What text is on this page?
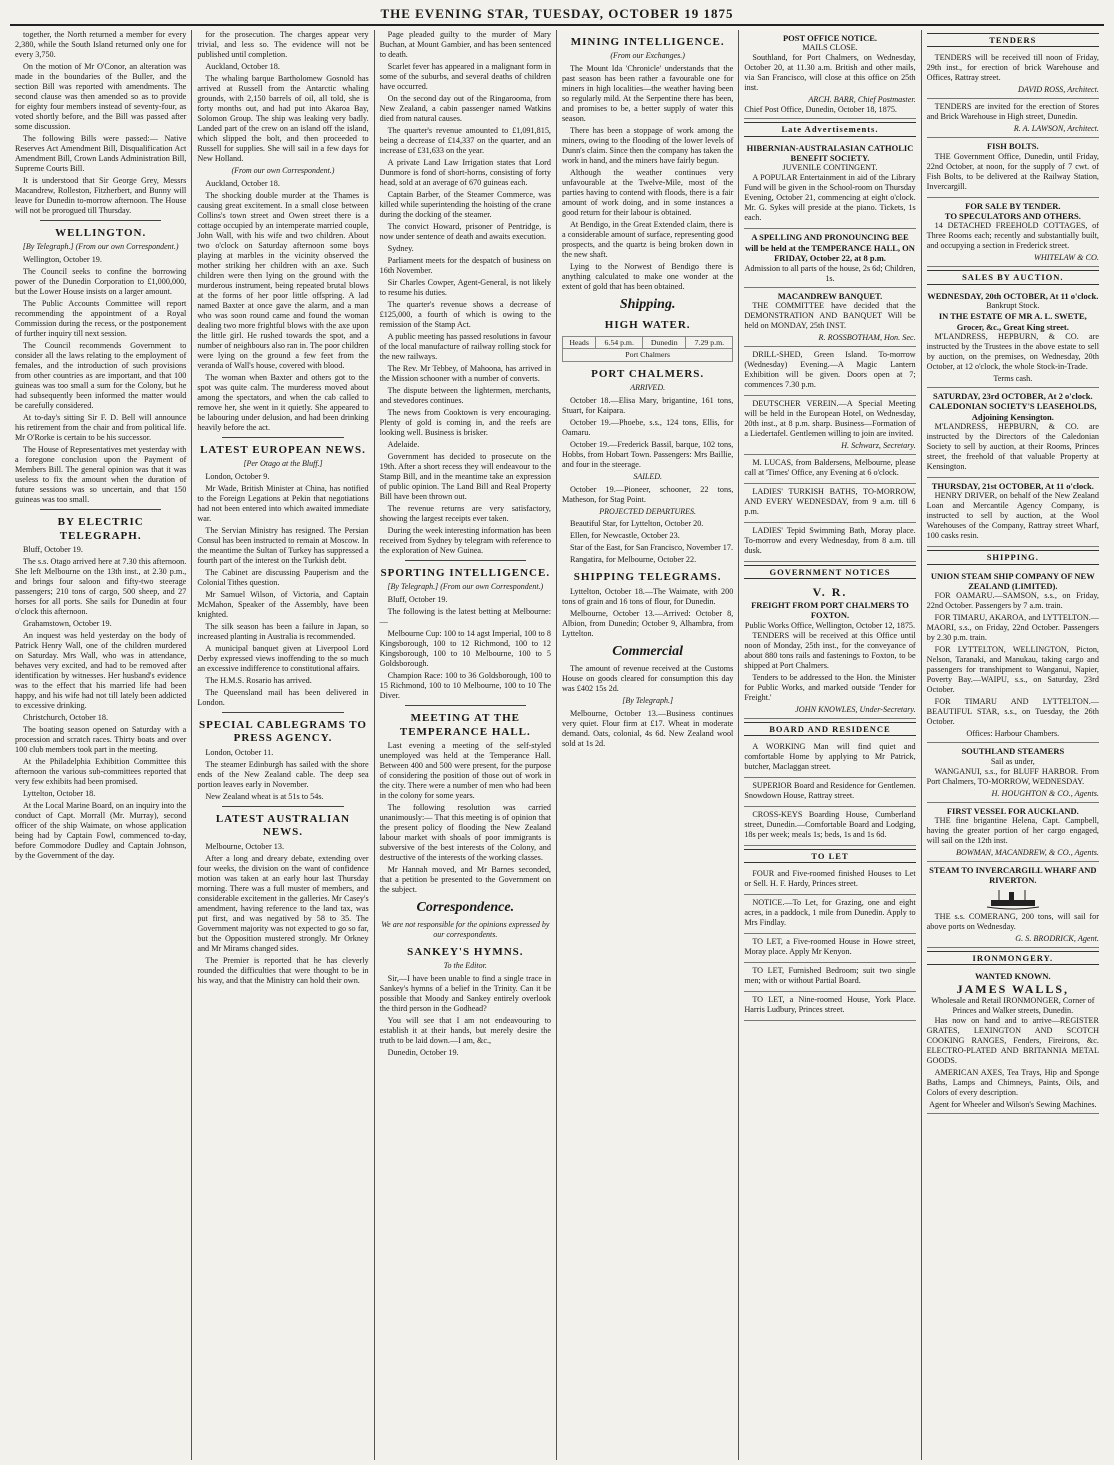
THE EVENING STAR, TUESDAY, OCTOBER 19 1875

together, the North returned a member for every 2,380, while the South Island returned only one for every 3,750.

On the motion of Mr O'Conor, an alteration was made in the boundaries of the Buller, and the section Bill was reported with amendments. The second clause was then amended so as to provide for eighty four members instead of seventy-four, as voted shortly before, and the Bill was passed after some discussion.

The following Bills were passed:— Native Reserves Act Amendment Bill, Disqualification Act Amendment Bill, Crown Lands Administration Bill, Supreme Courts Bill.

It is understood that Sir George Grey, Messrs Macandrew, Rolleston, Fitzherbert, and Bunny will leave for Dunedin to-morrow afternoon. The House will not be prorogued till Thursday.

WELLINGTON.
[By Telegraph.] (From our own Correspondent.)

Wellington, October 19.

The Council seeks to confine the borrowing power of the Dunedin Corporation to £1,000,000, but the Lower House insists on a larger amount.

The Public Accounts Committee will report recommending the appointment of a Royal Commission during the recess, or the postponement of further inquiry till next session.

The Council recommends Government to consider all the laws relating to the employment of females, and the introduction of such provisions from other countries as are important, and that 100 guineas was too small a sum for the Colony, but he had subsequently been informed the matter would be carefully considered.

At to-day's sitting Sir F. D. Bell will announce his retirement from the chair and from political life. Mr O'Rorke is certain to be his successor.

The House of Representatives met yesterday with a foregone conclusion upon the Payment of Members Bill. The general opinion was that it was useless to fix the amount when the duration of future sessions was so uncertain, and that 150 guineas was too small.

BY ELECTRIC TELEGRAPH.

Bluff, October 19.

The s.s. Otago arrived here at 7.30 this afternoon. She left Melbourne on the 13th inst., at 2.30 p.m., and brings four saloon and fifty-two steerage passengers; 210 tons of cargo, 500 sheep, and 27 horses for all ports. She sails for Dunedin at four o'clock this afternoon.

Grahamstown, October 19.

An inquest was held yesterday on the body of Patrick Henry Wall, one of the children murdered on Saturday. Mrs Wall, who was in attendance, behaves very excited, and had to be removed after identification by witnesses. Her husband's evidence was to the effect that his married life had been happy, and his wife had not till lately been addicted to excessive drinking.

Christchurch, October 18.

The boating season opened on Saturday with a procession and scratch races. Thirty boats and over 100 club members took part in the meeting.

At the Philadelphia Exhibition Committee this afternoon the various sub-committees reported that very few exhibits had been promised.

Lyttelton, October 18.

At the Local Marine Board, on an inquiry into the conduct of Capt. Morrall (Mr. Murray), second officer of the ship Waimate, on whose application being had by Captain Fowl, commenced to-day, before Commodore Dudley and Captain Johnson, by the Government of the day.

for the prosecution. The charges appear very trivial, and less so. The evidence will not be published until completion.

Auckland, October 18.

The whaling barque Bartholomew Gosnold has arrived at Russell from the Antarctic whaling grounds, with 2,150 barrels of oil, all told, she is forty months out, and had put into Akaroa Bay, Solomon Group. The ship was leaking very badly. Landed part of the crew on an island off the island, which slipped the bolt, and then proceeded to Russell for supplies. She will sail in a few days for New Holland.

(From our own Correspondent.)

Auckland, October 18.

The shocking double murder at the Thames is causing great excitement. In a small close between Collins's town street and Owen street there is a cottage occupied by an intemperate married couple, John Wall, with his wife and two children. About two o'clock on Saturday afternoon some boys playing at marbles in the vicinity observed the mother striking her children with an axe. Such children were then lying on the ground with the murderous instrument, being repeated brutal blows at the forms of her poor little offspring. A lad named Baxter at once gave the alarm, and a man who was soon round came and found the woman dealing two more frightful blows with the axe upon the little girl. He rushed towards the spot, and a number of neighbours also ran in. The poor children were lying on the ground a few feet from the veranda of Wall's house, covered with blood.

The woman when Baxter and others got to the spot was quite calm. The murderess moved about among the spectators, and when the cab called to remove her, she went in it quietly. She appeared to be labouring under delusion, and had been drinking heavily before the act.

LATEST EUROPEAN NEWS.
[Per Otago at the Bluff.]

London, October 9.

Mr Wade, British Minister at China, has notified to the Foreign Legations at Pekin that negotiations had not been entered into which awaited immediate war.

The Servian Ministry has resigned. The Persian Consul has been instructed to remain at Moscow. In the meantime the Sultan of Turkey has suppressed a fourth part of the interest on the Turkish debt.

The Cabinet are discussing Pauperism and the Colonial Tithes question.

Mr Samuel Wilson, of Victoria, and Captain McMahon, Speaker of the Assembly, have been knighted.

The silk season has been a failure in Japan, so increased planting in Australia is recommended.

A municipal banquet given at Liverpool Lord Derby expressed views inoffending to the so much an excessive indifference to constitutional affairs.

The H.M.S. Rosario has arrived.

The Queensland mail has been delivered in London.

SPECIAL CABLEGRAMS TO PRESS AGENCY.

London, October 11.

The steamer Edinburgh has sailed with the shore ends of the New Zealand cable. The deep sea portion leaves early in November.

New Zealand wheat is at 51s to 54s.

LATEST AUSTRALIAN NEWS.

Melbourne, October 13.

After a long and dreary debate, extending over four weeks, the division on the want of confidence motion was taken at an early hour last Thursday morning. There was a full muster of members, and considerable excitement in the galleries. Mr Casey's amendment, having reference to the land tax, was put first, and was negatived by 58 to 35. The Government majority was not expected to go so far, but the Opposition mustered strongly. Mr Orkney and Mr Mirams changed sides.

The Premier is reported that he has cleverly rounded the difficulties that were thought to be in his way, and that the Ministry can hold their own.

Page pleaded guilty to the murder of Mary Buchan, at Mount Gambier, and has been sentenced to death.

Scarlet fever has appeared in a malignant form in some of the suburbs, and several deaths of children have occurred.

On the second day out of the Ringarooma, from New Zealand, a cabin passenger named Watkins died from natural causes.

The quarter's revenue amounted to £1,091,815, being a decrease of £14,337 on the quarter, and an increase of £31,633 on the year.

A private Land Law Irrigation states that Lord Dunmore is fond of short-horns, consisting of forty head, sold at an average of 670 guineas each.

Captain Barber, of the Steamer Commerce, was killed while superintending the hoisting of the crane during the docking of the steamer.

The convict Howard, prisoner of Pentridge, is now under sentence of death and awaits execution.

Sydney.

Parliament meets for the despatch of business on 16th November.

Sir Charles Cowper, Agent-General, is not likely to resume his duties.

The quarter's revenue shows a decrease of £125,000, a fourth of which is owing to the remission of the Stamp Act.

A public meeting has passed resolutions in favour of the local manufacture of railway rolling stock for the new railways.

The Rev. Mr Tebbey, of Mahoona, has arrived in the Mission schooner with a number of converts.

The dispute between the lightermen, merchants, and stevedores continues.

The news from Cooktown is very encouraging. Plenty of gold is coming in, and the reefs are looking well. Business is brisker.

Adelaide.

Government has decided to prosecute on the 19th. After a short recess they will endeavour to the Stamp Bill, and in the meantime take an expression of public opinion. The Land Bill and Real Property Bill have been thrown out.

The revenue returns are very satisfactory, showing the largest receipts ever taken.

During the week interesting information has been received from Sydney by telegram with reference to the exploration of New Guinea.

SPORTING INTELLIGENCE.
[By Telegraph.] (From our own Correspondent.)

Bluff, October 19.

The following is the latest betting at Melbourne:—

Melbourne Cup: 100 to 14 agst Imperial, 100 to 8 Kingsborough, 100 to 12 Richmond, 100 to 12 Kingsborough, 100 to 10 Melbourne, 100 to 5 Goldsborough.

Champion Race: 100 to 36 Goldsborough, 100 to 15 Richmond, 100 to 10 Melbourne, 100 to 10 The Diver.

MEETING AT THE TEMPERANCE HALL.

Last evening a meeting of the self-styled unemployed was held at the Temperance Hall. Between 400 and 500 were present, for the purpose of considering the position of those out of work in the city. There were a number of men who had been in the colony for some years.

The following resolution was carried unanimously:— That this meeting is of opinion that the present policy of flooding the New Zealand labour market with shoals of poor immigrants is subversive of the best interests of the Colony, and destructive of the interests of the working classes.

Mr Hannah moved, and Mr Barnes seconded, that a petition be presented to the Government on the subject.

Correspondence.
We are not responsible for the opinions expressed by our correspondents.
SANKEY'S HYMNS.
To the Editor.

Sir,—I have been unable to find a single trace in Sankey's hymns of a belief in the Trinity. Can it be possible that Moody and Sankey entirely overlook the third person in the Godhead?

You will see that I am not endeavouring to establish it at their hands, but merely desire the truth to be laid down.—I am, &c.,

Dunedin, October 19.

MINING INTELLIGENCE.
(From our Exchanges.)

The Mount Ida 'Chronicle' understands that the past season has been rather a favourable one for miners in high localities—the weather having been so regularly mild. At the Serpentine there has been, and promises to be, a better supply of water this season.

There has been a stoppage of work among the miners, owing to the flooding of the lower levels of Dunn's claim. Since then the company has taken the work in hand, and the miners have fairly begun.

Although the weather continues very unfavourable at the Twelve-Mile, most of the parties having to contend with floods, there is a fair amount of work doing, and in some instances a good return for their labour is obtained.

At Bendigo, in the Great Extended claim, there is a considerable amount of surface, representing good prospects, and the quartz is being broken down in the new shaft.

Lying to the Norwest of Bendigo there is anything calculated to make one wonder at the extent of gold that has been obtained.

Shipping.
HIGH WATER.
Heads	6.54 p.m.	Dunedin	7.29 p.m.
Port Chalmers
PORT CHALMERS.
ARRIVED.

October 18.—Elisa Mary, brigantine, 161 tons, Stuart, for Kaipara.

October 19.—Phoebe, s.s., 124 tons, Ellis, for Oamaru.

October 19.—Frederick Bassil, barque, 102 tons, Hobbs, from Hobart Town. Passengers: Mrs Baillie, and four in the steerage.

SAILED.

October 19.—Pioneer, schooner, 22 tons, Matheson, for Stag Point.

PROJECTED DEPARTURES.

Beautiful Star, for Lyttelton, October 20.

Ellen, for Newcastle, October 23.

Star of the East, for San Francisco, November 17.

Rangatira, for Melbourne, October 22.

SHIPPING TELEGRAMS.

Lyttelton, October 18.—The Waimate, with 200 tons of grain and 16 tons of flour, for Dunedin.

Melbourne, October 13.—Arrived: October 8, Albion, from Dunedin; October 9, Alhambra, from Lyttelton.

Commercial

The amount of revenue received at the Customs House on goods cleared for consumption this day was £402 15s 2d.

[By Telegraph.]

Melbourne, October 13.—Business continues very quiet. Flour firm at £17. Wheat in moderate demand. Oats, colonial, 4s 6d. New Zealand wool sold at 1s 2d.

POST OFFICE NOTICE.
MAILS CLOSE.

Southland, for Port Chalmers, on Wednesday, October 20, at 11.30 a.m. British and other mails, via San Francisco, will close at this office on 25th inst.

ARCH. BARR, Chief Postmaster.
Chief Post Office, Dunedin, October 18, 1875.
Late Advertisements.
HIBERNIAN-AUSTRALASIAN CATHOLIC BENEFIT SOCIETY.
JUVENILE CONTINGENT.

A POPULAR Entertainment in aid of the Library Fund will be given in the School-room on Thursday Evening, October 21, commencing at eight o'clock. Mr. G. Sykes will preside at the piano. Tickets, 1s each.

A SPELLING AND PRONOUNCING BEE will be held at the TEMPERANCE HALL, ON FRIDAY, October 22, at 8 p.m.
Admission to all parts of the house, 2s 6d; Children, 1s.
MACANDREW BANQUET.

THE COMMITTEE have decided that the DEMONSTRATION AND BANQUET Will be held on MONDAY, 25th INST.

R. ROSSBOTHAM, Hon. Sec.

DRILL-SHED, Green Island. To-morrow (Wednesday) Evening.—A Magic Lantern Exhibition will be given. Doors open at 7; commences 7.30 p.m.

DEUTSCHER VEREIN.—A Special Meeting will be held in the European Hotel, on Wednesday, 20th inst., at 8 p.m. sharp. Business—Formation of a Liedertafel. Gentlemen willing to join are invited.

H. Schwarz, Secretary.

M. LUCAS, from Baldersens, Melbourne, please call at 'Times' Office, any Evening at 6 o'clock.

LADIES' TURKISH BATHS, TO-MORROW, AND EVERY WEDNESDAY, from 9 a.m. till 6 p.m.

LADIES' Tepid Swimming Bath, Moray place. To-morrow and every Wednesday, from 8 a.m. till dusk.

GOVERNMENT NOTICES
V. R.
FREIGHT FROM PORT CHALMERS TO FOXTON.
Public Works Office, Wellington, October 12, 1875.

TENDERS will be received at this Office until noon of Monday, 25th inst., for the conveyance of about 880 tons rails and fastenings to Foxton, to be shipped at Port Chalmers.

Tenders to be addressed to the Hon. the Minister for Public Works, and marked outside 'Tender for Freight.'

JOHN KNOWLES, Under-Secretary.
BOARD AND RESIDENCE

A WORKING Man will find quiet and comfortable Home by applying to Mr Patrick, butcher, Maclaggan street.

SUPERIOR Board and Residence for Gentlemen. Snowdown House, Rattray street.

CROSS-KEYS Boarding House, Cumberland street, Dunedin.—Comfortable Board and Lodging, 18s per week; meals 1s; beds, 1s and 1s 6d.

TO LET

FOUR and Five-roomed finished Houses to Let or Sell. H. F. Hardy, Princes street.

NOTICE.—To Let, for Grazing, one and eight acres, in a paddock, 1 mile from Dunedin. Apply to Mrs Findlay.

TO LET, a Five-roomed House in Howe street, Moray place. Apply Mr Kenyon.

TO LET, Furnished Bedroom; suit two single men; with or without Partial Board.

TO LET, a Nine-roomed House, York Place. Harris Ludbury, Princes street.

TENDERS

TENDERS will be received till noon of Friday, 29th inst., for erection of brick Warehouse and Offices, Rattray street.

DAVID ROSS, Architect.

TENDERS are invited for the erection of Stores and Brick Warehouse in High street, Dunedin.

R. A. LAWSON, Architect.
FISH BOLTS.

THE Government Office, Dunedin, until Friday, 22nd October, at noon, for the supply of 7 cwt. of Fish Bolts, to be delivered at the Railway Station, Invercargill.

FOR SALE BY TENDER.
TO SPECULATORS AND OTHERS.

14 DETACHED FREEHOLD COTTAGES, of Three Rooms each; recently and substantially built, and occupying a section in Frederick street.

WHITELAW & CO.
SALES BY AUCTION.
WEDNESDAY, 20th OCTOBER, At 11 o'clock.
Bankrupt Stock.
IN THE ESTATE OF MR A. L. SWETE, Grocer, &c., Great King street.

M'LANDRESS, HEPBURN, & CO. are instructed by the Trustees in the above estate to sell by auction, on the premises, on Wednesday, 20th October, at 12 o'clock, the whole Stock-in-Trade.

Terms cash.
SATURDAY, 23rd OCTOBER, At 2 o'clock.
CALEDONIAN SOCIETY'S LEASEHOLDS, Adjoining Kensington.

M'LANDRESS, HEPBURN, & CO. are instructed by the Directors of the Caledonian Society to sell by auction, at their Rooms, Princes street, the freehold of that valuable Property at Kensington.

THURSDAY, 21st OCTOBER, At 11 o'clock.

HENRY DRIVER, on behalf of the New Zealand Loan and Mercantile Agency Company, is instructed to sell by auction, at the Wool Warehouses of the Company, Rattray street Wharf, 100 casks resin.

SHIPPING.
UNION STEAM SHIP COMPANY OF NEW ZEALAND (LIMITED).

FOR OAMARU.—SAMSON, s.s., on Friday, 22nd October. Passengers by 7 a.m. train.

FOR TIMARU, AKAROA, and LYTTELTON.—MAORI, s.s., on Friday, 22nd October. Passengers by 2.30 p.m. train.

FOR LYTTELTON, WELLINGTON, Picton, Nelson, Taranaki, and Manukau, taking cargo and passengers for transhipment to Wanganui, Napier, Poverty Bay.—WAIPU, s.s., on Saturday, 23rd October.

FOR TIMARU AND LYTTELTON.—BEAUTIFUL STAR, s.s., on Tuesday, the 26th October.

Offices: Harbour Chambers.
SOUTHLAND STEAMERS
Sail as under,

WANGANUI, s.s., for BLUFF HARBOR. From Port Chalmers, TO-MORROW, WEDNESDAY.

H. HOUGHTON & CO., Agents.
FIRST VESSEL FOR AUCKLAND.

THE fine brigantine Helena, Capt. Campbell, having the greater portion of her cargo engaged, will sail on the 12th inst.

BOWMAN, MACANDREW, & CO., Agents.
STEAM TO INVERCARGILL WHARF AND RIVERTON.

THE s.s. COMERANG, 200 tons, will sail for above ports on Wednesday.

G. S. BRODRICK, Agent.
IRONMONGERY.
WANTED KNOWN.
JAMES WALLS,
Wholesale and Retail IRONMONGER, Corner of Princes and Walker streets, Dunedin.

Has now on hand and to arrive—REGISTER GRATES, LEXINGTON AND SCOTCH COOKING RANGES, Fenders, Fireirons, &c. ELECTRO-PLATED AND BRITANNIA METAL GOODS.

AMERICAN AXES, Tea Trays, Hip and Sponge Baths, Lamps and Chimneys, Paints, Oils, and Colors of every description.

Agent for Wheeler and Wilson's Sewing Machines.
